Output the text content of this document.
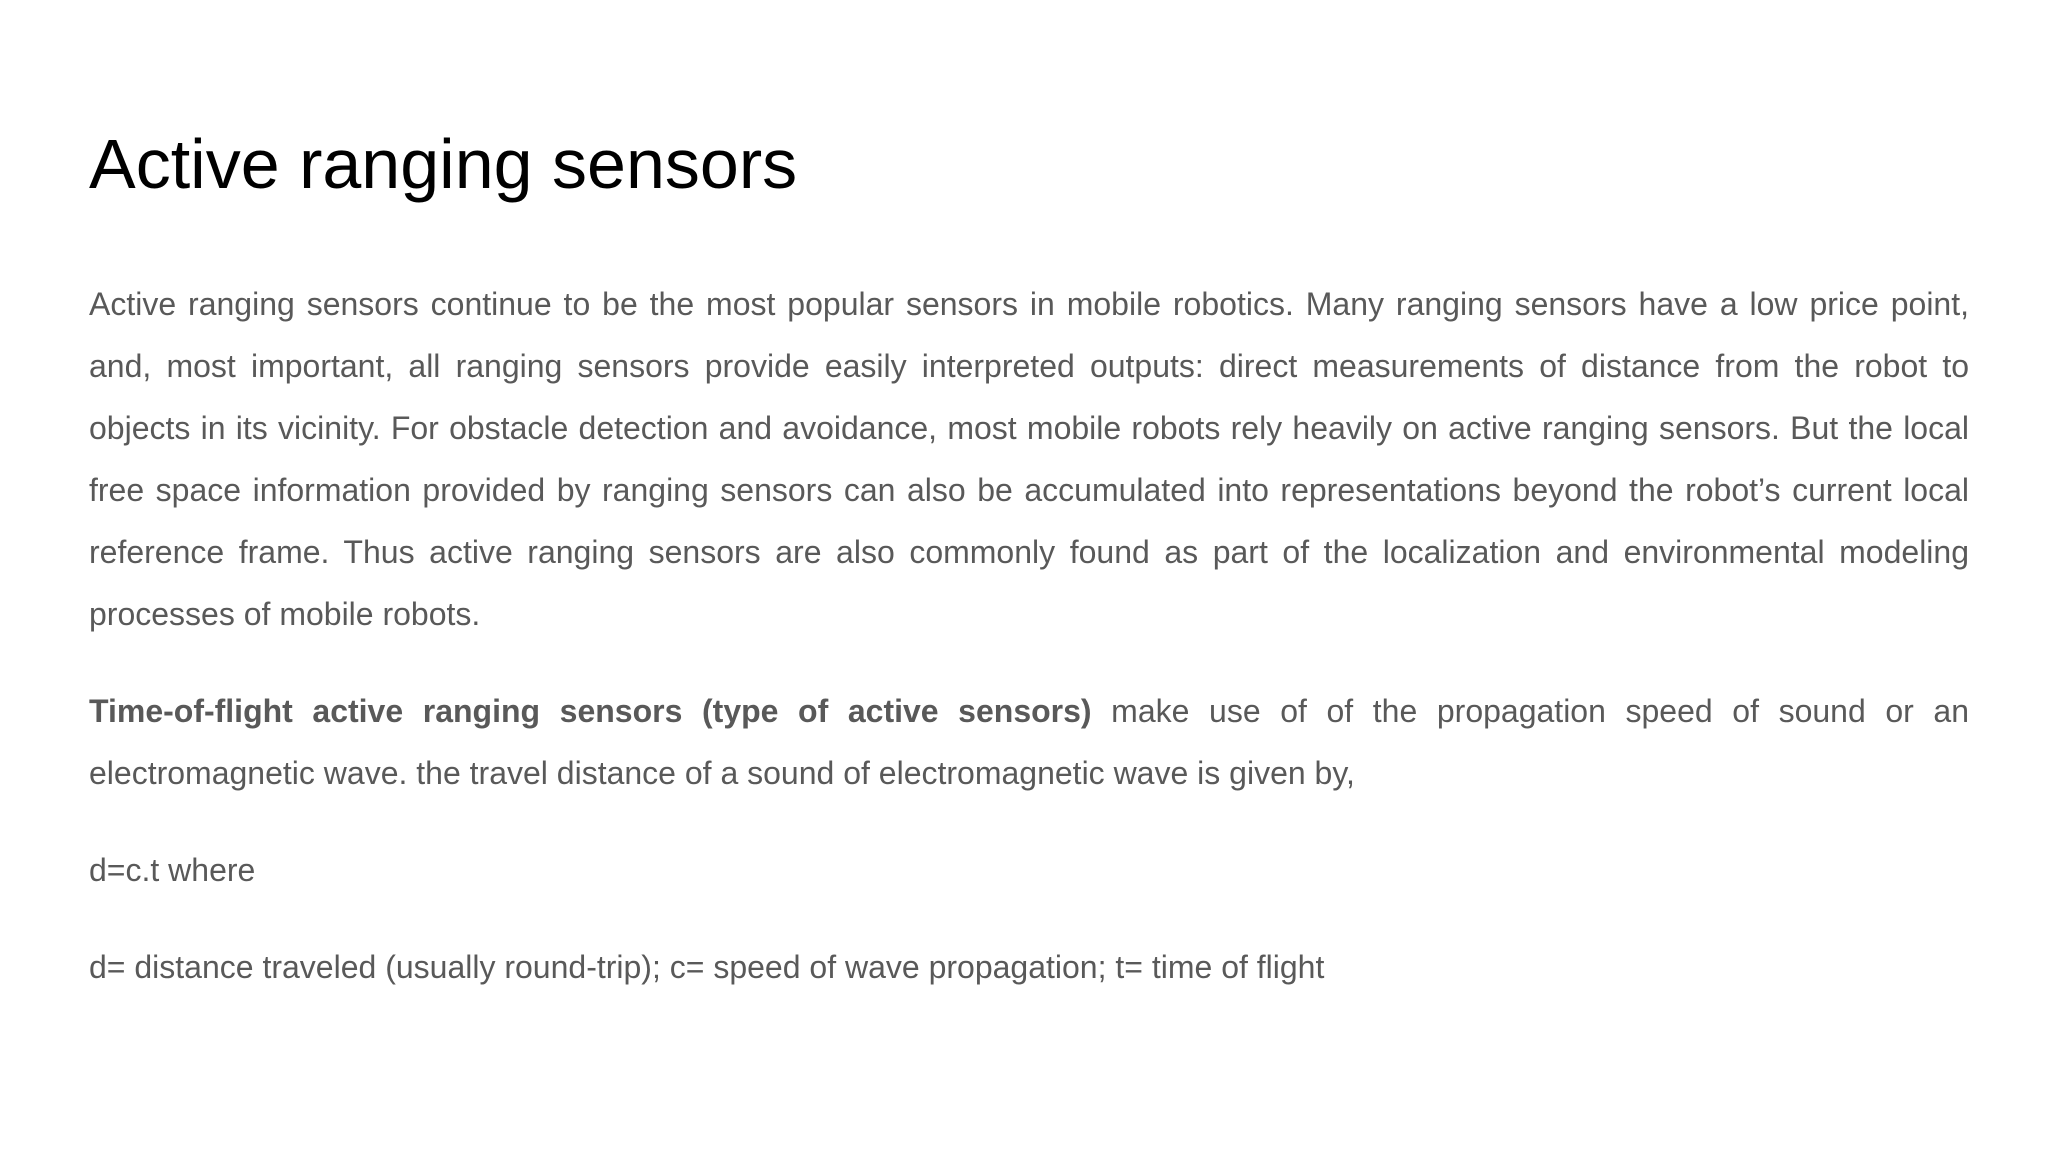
Active ranging sensors

Active ranging sensors continue to be the most popular sensors in mobile robotics. Many ranging sensors have a low price point, and, most important, all ranging sensors provide easily interpreted outputs: direct measurements of distance from the robot to objects in its vicinity. For obstacle detection and avoidance, most mobile robots rely heavily on active ranging sensors. But the local free space information provided by ranging sensors can also be accumulated into representations beyond the robot’s current local reference frame. Thus active ranging sensors are also commonly found as part of the localization and environmental modeling processes of mobile robots.

Time-of-flight active ranging sensors (type of active sensors) make use of of the propagation speed of sound or an electromagnetic wave. the travel distance of a sound of electromagnetic wave is given by,

d=c.t where

d= distance traveled (usually round-trip); c= speed of wave propagation; t= time of flight
